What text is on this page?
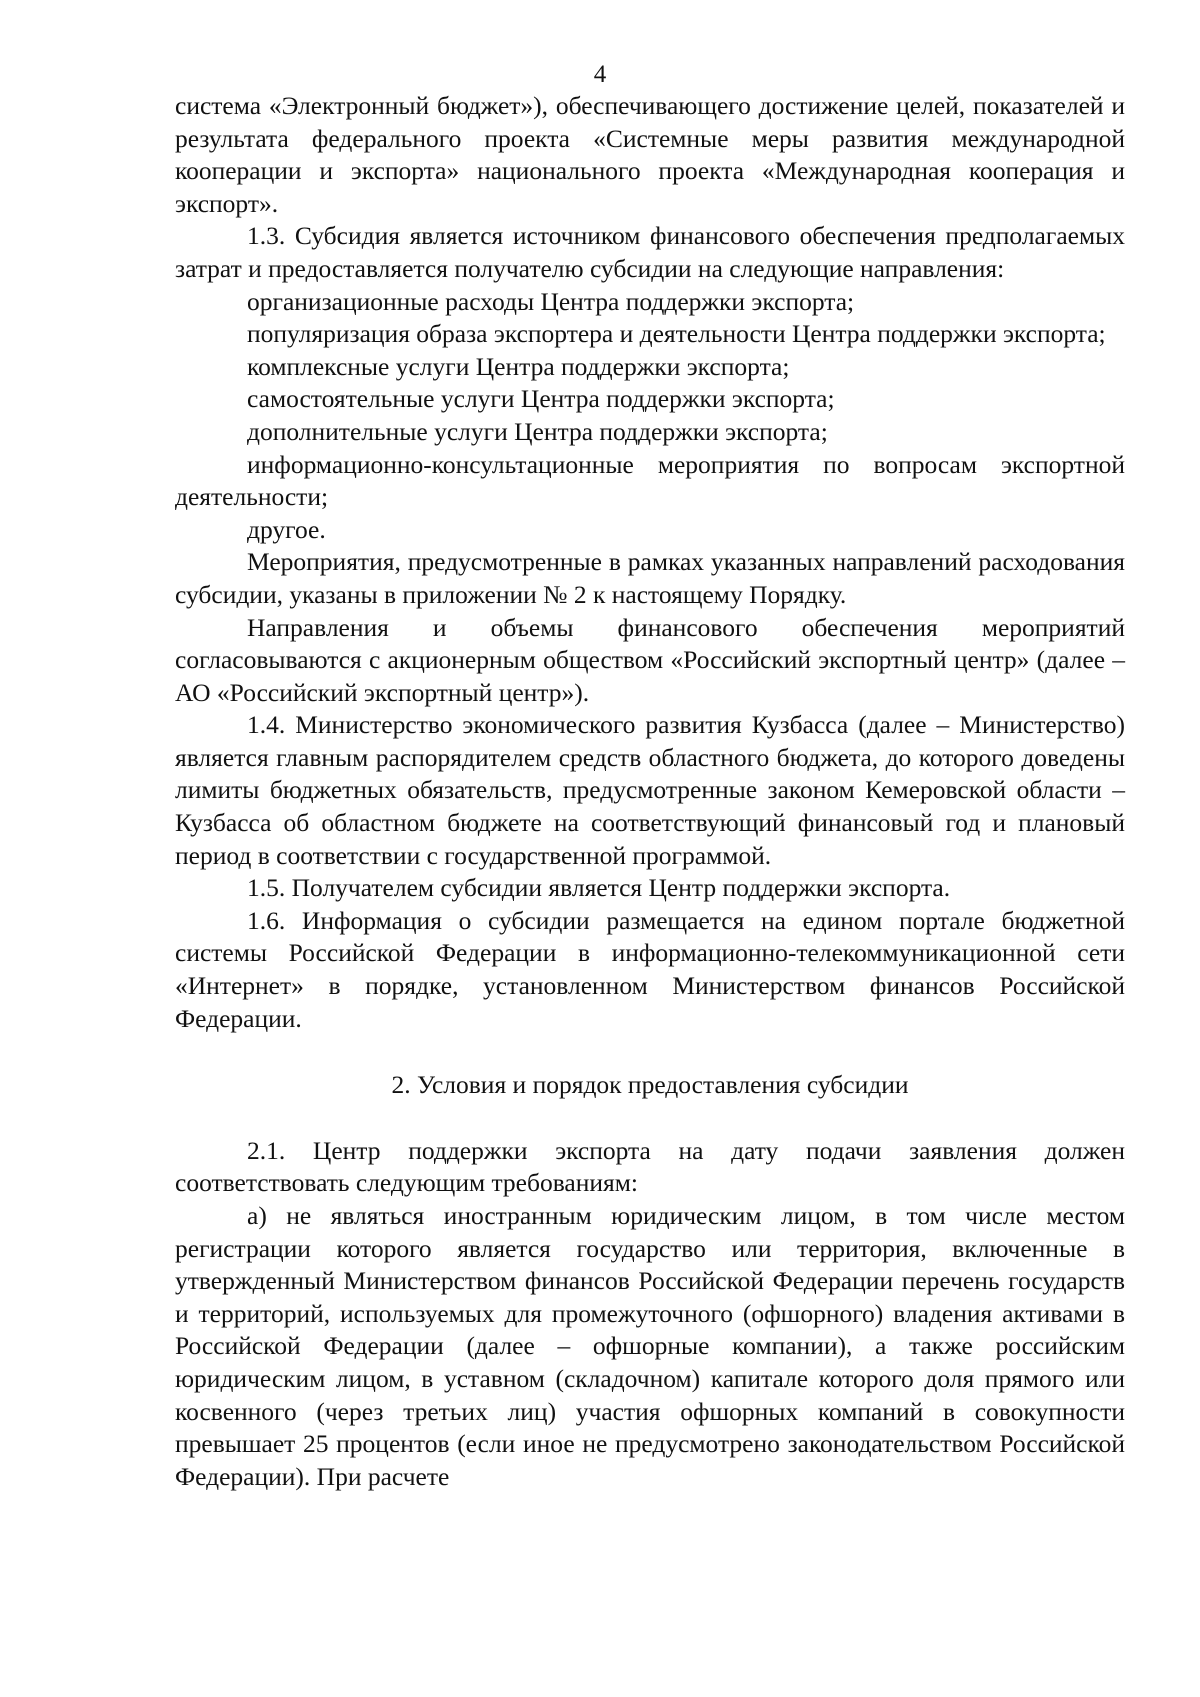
4

система «Электронный бюджет»), обеспечивающего достижение целей, показателей и результата федерального проекта «Системные меры развития международной кооперации и экспорта» национального проекта «Международная кооперация и экспорт».

1.3. Субсидия является источником финансового обеспечения предполагаемых затрат и предоставляется получателю субсидии на следующие направления:

организационные расходы Центра поддержки экспорта;

популяризация образа экспортера и деятельности Центра поддержки экспорта;

комплексные услуги Центра поддержки экспорта;

самостоятельные услуги Центра поддержки экспорта;

дополнительные услуги Центра поддержки экспорта;

информационно-консультационные мероприятия по вопросам экспортной деятельности;

другое.

Мероприятия, предусмотренные в рамках указанных направлений расходования субсидии, указаны в приложении № 2 к настоящему Порядку.

Направления и объемы финансового обеспечения мероприятий согласовываются с акционерным обществом «Российский экспортный центр» (далее – АО «Российский экспортный центр»).

1.4. Министерство экономического развития Кузбасса (далее – Министерство) является главным распорядителем средств областного бюджета, до которого доведены лимиты бюджетных обязательств, предусмотренные законом Кемеровской области – Кузбасса об областном бюджете на соответствующий финансовый год и плановый период в соответствии с государственной программой.

1.5. Получателем субсидии является Центр поддержки экспорта.

1.6. Информация о субсидии размещается на едином портале бюджетной системы Российской Федерации в информационно-телекоммуникационной сети «Интернет» в порядке, установленном Министерством финансов Российской Федерации.

2. Условия и порядок предоставления субсидии

2.1. Центр поддержки экспорта на дату подачи заявления должен соответствовать следующим требованиям:

а) не являться иностранным юридическим лицом, в том числе местом регистрации которого является государство или территория, включенные в утвержденный Министерством финансов Российской Федерации перечень государств и территорий, используемых для промежуточного (офшорного) владения активами в Российской Федерации (далее – офшорные компании), а также российским юридическим лицом, в уставном (складочном) капитале которого доля прямого или косвенного (через третьих лиц) участия офшорных компаний в совокупности превышает 25 процентов (если иное не предусмотрено законодательством Российской Федерации). При расчете
